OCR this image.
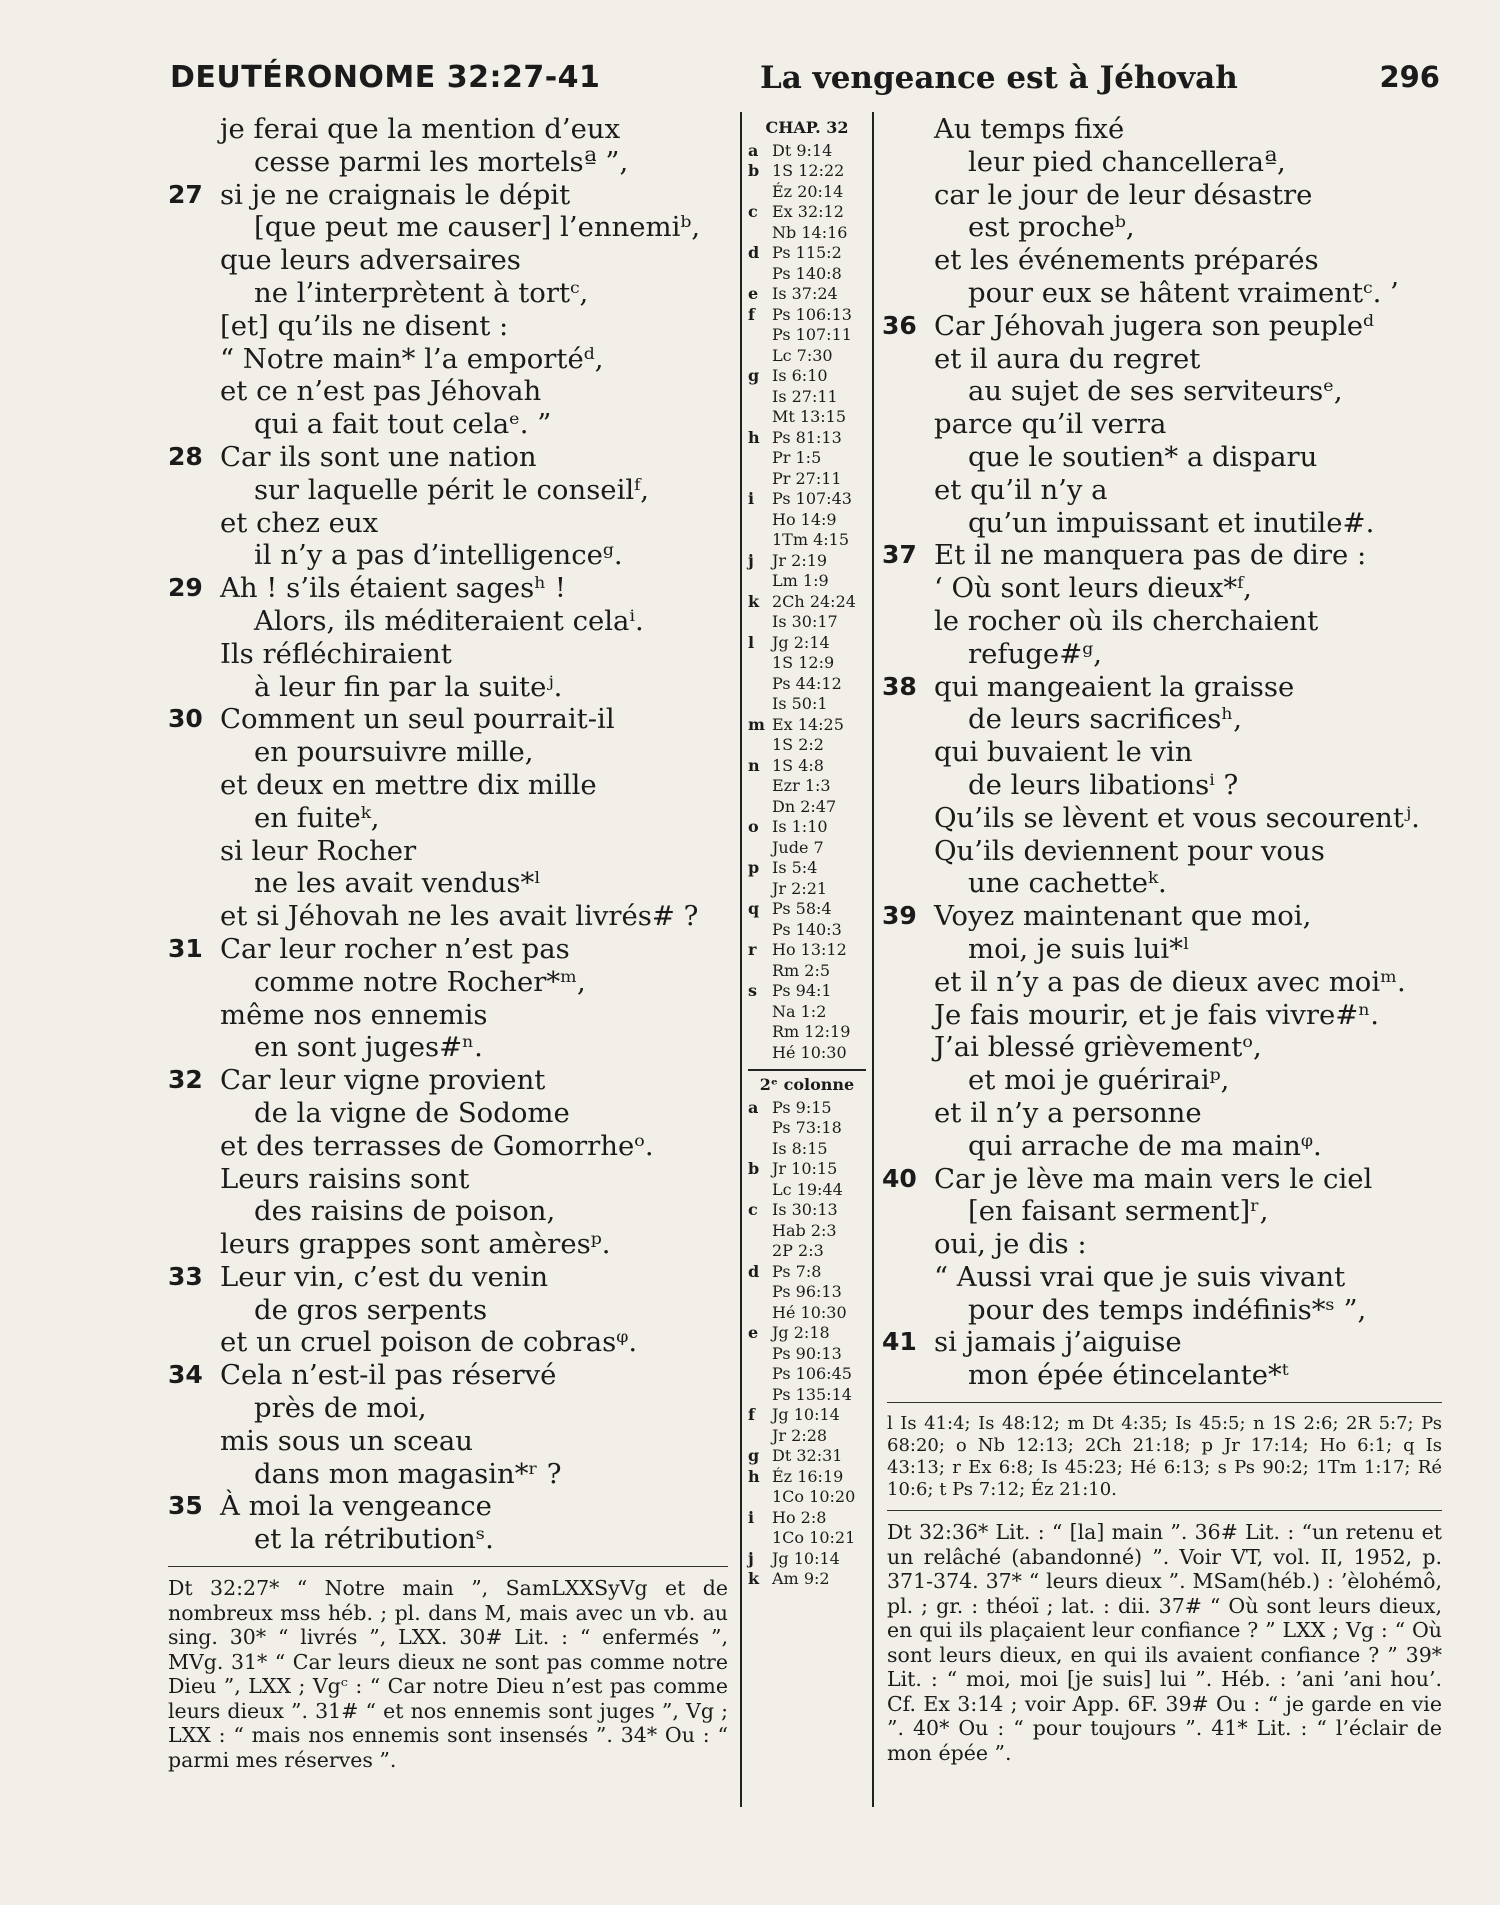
DEUTÉRONOME 32:27-41	La vengeance est à Jéhovah	296
je ferai que la mention d’eux
cesse parmi les mortelsª ”,
27 si je ne craignais le dépit
[que peut me causer] l’ennemiᵇ,
que leurs adversaires
ne l’interprètent à tortᶜ,
[et] qu’ils ne disent :
“ Notre main* l’a emportéᵈ,
et ce n’est pas Jéhovah
qui a fait tout celaᵉ. ”
28 Car ils sont une nation
sur laquelle périt le conseilᶠ,
et chez eux
il n’y a pas d’intelligenceᵍ.
29 Ah ! s’ils étaient sagesʰ !
Alors, ils méditeraient celaⁱ.
Ils réfléchiraient
à leur fin par la suiteʲ.
30 Comment un seul pourrait-il
en poursuivre mille,
et deux en mettre dix mille
en fuiteᵏ,
si leur Rocher
ne les avait vendus*ˡ
et si Jéhovah ne les avait livrés# ?
31 Car leur rocher n’est pas
comme notre Rocher*ᵐ,
même nos ennemis
en sont juges#ⁿ.
32 Car leur vigne provient
de la vigne de Sodome
et des terrasses de Gomorrheᵒ.
Leurs raisins sont
des raisins de poison,
leurs grappes sont amèresᵖ.
33 Leur vin, c’est du venin
de gros serpents
et un cruel poison de cobrasᵠ.
34 Cela n’est-il pas réservé
près de moi,
mis sous un sceau
dans mon magasin*ʳ ?
35 À moi la vengeance
et la rétributionˢ.
Au temps fixé
leur pied chancelleraª,
car le jour de leur désastre
est procheᵇ,
et les événements préparés
pour eux se hâtent vraimentᶜ. ’
36 Car Jéhovah jugera son peupleᵈ
et il aura du regret
au sujet de ses serviteursᵉ,
parce qu’il verra
que le soutien* a disparu
et qu’il n’y a
qu’un impuissant et inutile#.
37 Et il ne manquera pas de dire :
‘ Où sont leurs dieux*ᶠ,
le rocher où ils cherchaient
refuge#ᵍ,
38 qui mangeaient la graisse
de leurs sacrificesʰ,
qui buvaient le vin
de leurs libationsⁱ ?
Qu’ils se lèvent et vous secourentʲ.
Qu’ils deviennent pour vous
une cachetteᵏ.
39 Voyez maintenant que moi,
moi, je suis lui*ˡ
et il n’y a pas de dieux avec moiᵐ.
Je fais mourir, et je fais vivre#ⁿ.
J’ai blessé grièvementᵒ,
et moi je guériraiᵖ,
et il n’y a personne
qui arrache de ma mainᵠ.
40 Car je lève ma main vers le ciel
[en faisant serment]ʳ,
oui, je dis :
“ Aussi vrai que je suis vivant
pour des temps indéfinis*ˢ ”,
41 si jamais j’aiguise
mon épée étincelante*ᵗ
CHAP. 32
a Dt 9:14
b 1S 12:22
Éz 20:14
c Ex 32:12
Nb 14:16
d Ps 115:2
Ps 140:8
e Is 37:24
f Ps 106:13
Ps 107:11
Lc 7:30
g Is 6:10
Is 27:11
Mt 13:15
h Ps 81:13
Pr 1:5
Pr 27:11
i Ps 107:43
Ho 14:9
1Tm 4:15
j Jr 2:19
Lm 1:9
k 2Ch 24:24
Is 30:17
l Jg 2:14
1S 12:9
Ps 44:12
Is 50:1
m Ex 14:25
1S 2:2
n 1S 4:8
Ezr 1:3
Dn 2:47
o Is 1:10
Jude 7
p Is 5:4
Jr 2:21
q Ps 58:4
Ps 140:3
r Ho 13:12
Rm 2:5
s Ps 94:1
Na 1:2
Rm 12:19
Hé 10:30
2ᵉ colonne
a Ps 9:15
Ps 73:18
Is 8:15
b Jr 10:15
Lc 19:44
c Is 30:13
Hab 2:3
2P 2:3
d Ps 7:8
Ps 96:13
Hé 10:30
e Jg 2:18
Ps 90:13
Ps 106:45
Ps 135:14
f Jg 10:14
Jr 2:28
g Dt 32:31
h Éz 16:19
1Co 10:20
i Ho 2:8
1Co 10:21
j Jg 10:14
k Am 9:2
Dt 32:27* “ Notre main ”, SamLXXSyVg et de nombreux mss héb. ; pl. dans M, mais avec un vb. au sing. 30* “ livrés ”, LXX. 30# Lit. : “ enfermés ”, MVg. 31* “ Car leurs dieux ne sont pas comme notre Dieu ”, LXX ; Vgᶜ : “ Car notre Dieu n’est pas comme leurs dieux ”. 31# “ et nos ennemis sont juges ”, Vg ; LXX : “ mais nos ennemis sont insensés ”. 34* Ou : “ parmi mes réserves ”.
l Is 41:4; Is 48:12; m Dt 4:35; Is 45:5; n 1S 2:6; 2R 5:7; Ps 68:20; o Nb 12:13; 2Ch 21:18; p Jr 17:14; Ho 6:1; q Is 43:13; r Ex 6:8; Is 45:23; Hé 6:13; s Ps 90:2; 1Tm 1:17; Ré 10:6; t Ps 7:12; Éz 21:10.
Dt 32:36* Lit. : “ [la] main ”. 36# Lit. : “un retenu et un relâché (abandonné) ”. Voir VT, vol. II, 1952, p. 371-374. 37* “ leurs dieux ”. MSam(héb.) : ’èlohémô, pl. ; gr. : théoï ; lat. : dii. 37# “ Où sont leurs dieux, en qui ils plaçaient leur confiance ? ” LXX ; Vg : “ Où sont leurs dieux, en qui ils avaient confiance ? ” 39* Lit. : “ moi, moi [je suis] lui ”. Héb. : ’ani ’ani hou’. Cf. Ex 3:14 ; voir App. 6F. 39# Ou : “ je garde en vie ”. 40* Ou : “ pour toujours ”. 41* Lit. : “ l’éclair de mon épée ”.
